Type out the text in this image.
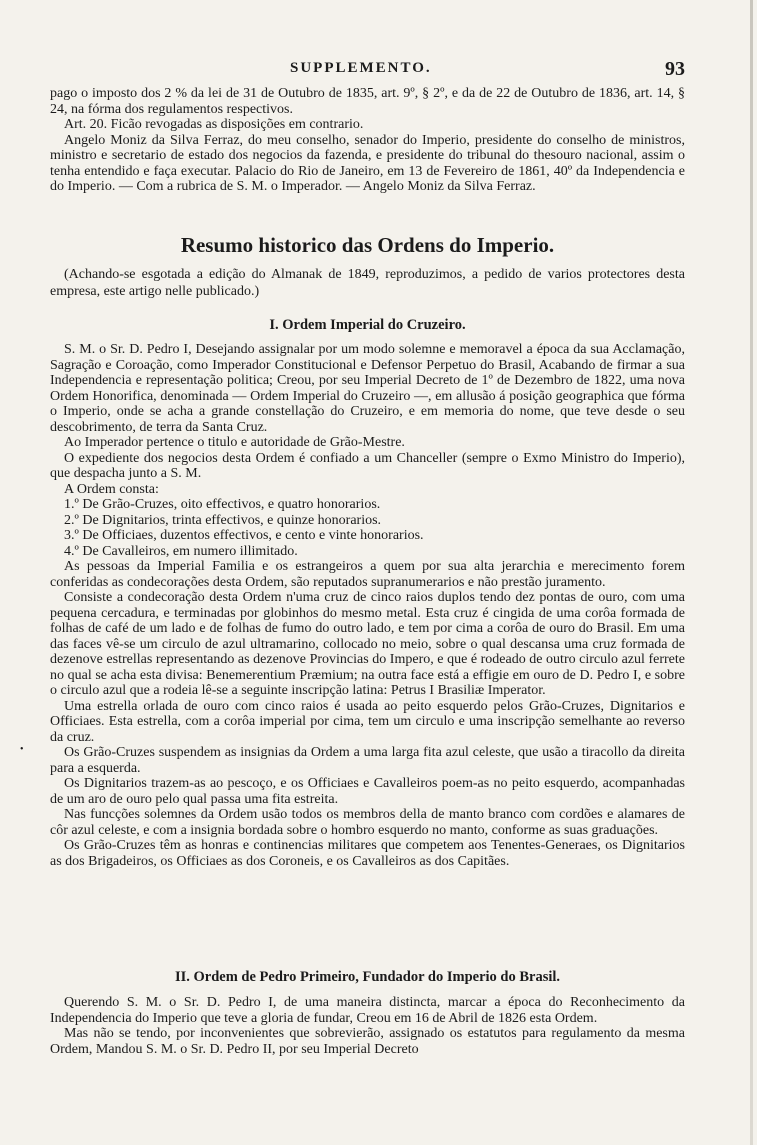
•
SUPPLEMENTO.	93

pago o imposto dos 2 % da lei de 31 de Outubro de 1835, art. 9º, § 2º, e da de 22 de Outubro de 1836, art. 14, § 24, na fórma dos regulamentos respectivos.

Art. 20. Ficão revogadas as disposições em contrario.

Angelo Moniz da Silva Ferraz, do meu conselho, senador do Imperio, presidente do conselho de ministros, ministro e secretario de estado dos negocios da fazenda, e presidente do tribunal do thesouro nacional, assim o tenha entendido e faça executar. Palacio do Rio de Janeiro, em 13 de Fevereiro de 1861, 40º da Independencia e do Imperio. — Com a rubrica de S. M. o Imperador. — Angelo Moniz da Silva Ferraz.

Resumo historico das Ordens do Imperio.

(Achando-se esgotada a edição do Almanak de 1849, reproduzimos, a pedido de varios protectores desta empresa, este artigo nelle publicado.)

I. Ordem Imperial do Cruzeiro.

S. M. o Sr. D. Pedro I, Desejando assignalar por um modo solemne e memoravel a época da sua Acclamação, Sagração e Coroação, como Imperador Constitucional e Defensor Perpetuo do Brasil, Acabando de firmar a sua Independencia e representação politica; Creou, por seu Imperial Decreto de 1º de Dezembro de 1822, uma nova Ordem Honorifica, denominada — Ordem Imperial do Cruzeiro —, em allusão á posição geographica que fórma o Imperio, onde se acha a grande constellação do Cruzeiro, e em memoria do nome, que teve desde o seu descobrimento, de terra da Santa Cruz.

Ao Imperador pertence o titulo e autoridade de Grão-Mestre.

O expediente dos negocios desta Ordem é confiado a um Chanceller (sempre o Exmo Ministro do Imperio), que despacha junto a S. M.

A Ordem consta:

1.º De Grão-Cruzes, oito effectivos, e quatro honorarios.

2.º De Dignitarios, trinta effectivos, e quinze honorarios.

3.º De Officiaes, duzentos effectivos, e cento e vinte honorarios.

4.º De Cavalleiros, em numero illimitado.

As pessoas da Imperial Familia e os estrangeiros a quem por sua alta jerarchia e merecimento forem conferidas as condecorações desta Ordem, são reputados supranumerarios e não prestão juramento.

Consiste a condecoração desta Ordem n'uma cruz de cinco raios duplos tendo dez pontas de ouro, com uma pequena cercadura, e terminadas por globinhos do mesmo metal. Esta cruz é cingida de uma corôa formada de folhas de café de um lado e de folhas de fumo do outro lado, e tem por cima a corôa de ouro do Brasil. Em uma das faces vê-se um circulo de azul ultramarino, collocado no meio, sobre o qual descansa uma cruz formada de dezenove estrellas representando as dezenove Provincias do Impero, e que é rodeado de outro circulo azul ferrete no qual se acha esta divisa: Benemerentium Præmium; na outra face está a effigie em ouro de D. Pedro I, e sobre o circulo azul que a rodeia lê-se a seguinte inscripção latina: Petrus I Brasiliæ Imperator.

Uma estrella orlada de ouro com cinco raios é usada ao peito esquerdo pelos Grão-Cruzes, Dignitarios e Officiaes. Esta estrella, com a corôa imperial por cima, tem um circulo e uma inscripção semelhante ao reverso da cruz.

Os Grão-Cruzes suspendem as insignias da Ordem a uma larga fita azul celeste, que usão a tiracollo da direita para a esquerda.

Os Dignitarios trazem-as ao pescoço, e os Officiaes e Cavalleiros poem-as no peito esquerdo, acompanhadas de um aro de ouro pelo qual passa uma fita estreita.

Nas funcções solemnes da Ordem usão todos os membros della de manto branco com cordões e alamares de côr azul celeste, e com a insignia bordada sobre o hombro esquerdo no manto, conforme as suas graduações.

Os Grão-Cruzes têm as honras e continencias militares que competem aos Tenentes-Generaes, os Dignitarios as dos Brigadeiros, os Officiaes as dos Coroneis, e os Cavalleiros as dos Capitães.

II. Ordem de Pedro Primeiro, Fundador do Imperio do Brasil.

Querendo S. M. o Sr. D. Pedro I, de uma maneira distincta, marcar a época do Reconhecimento da Independencia do Imperio que teve a gloria de fundar, Creou em 16 de Abril de 1826 esta Ordem.

Mas não se tendo, por inconvenientes que sobrevierão, assignado os estatutos para regulamento da mesma Ordem, Mandou S. M. o Sr. D. Pedro II, por seu Imperial Decreto
